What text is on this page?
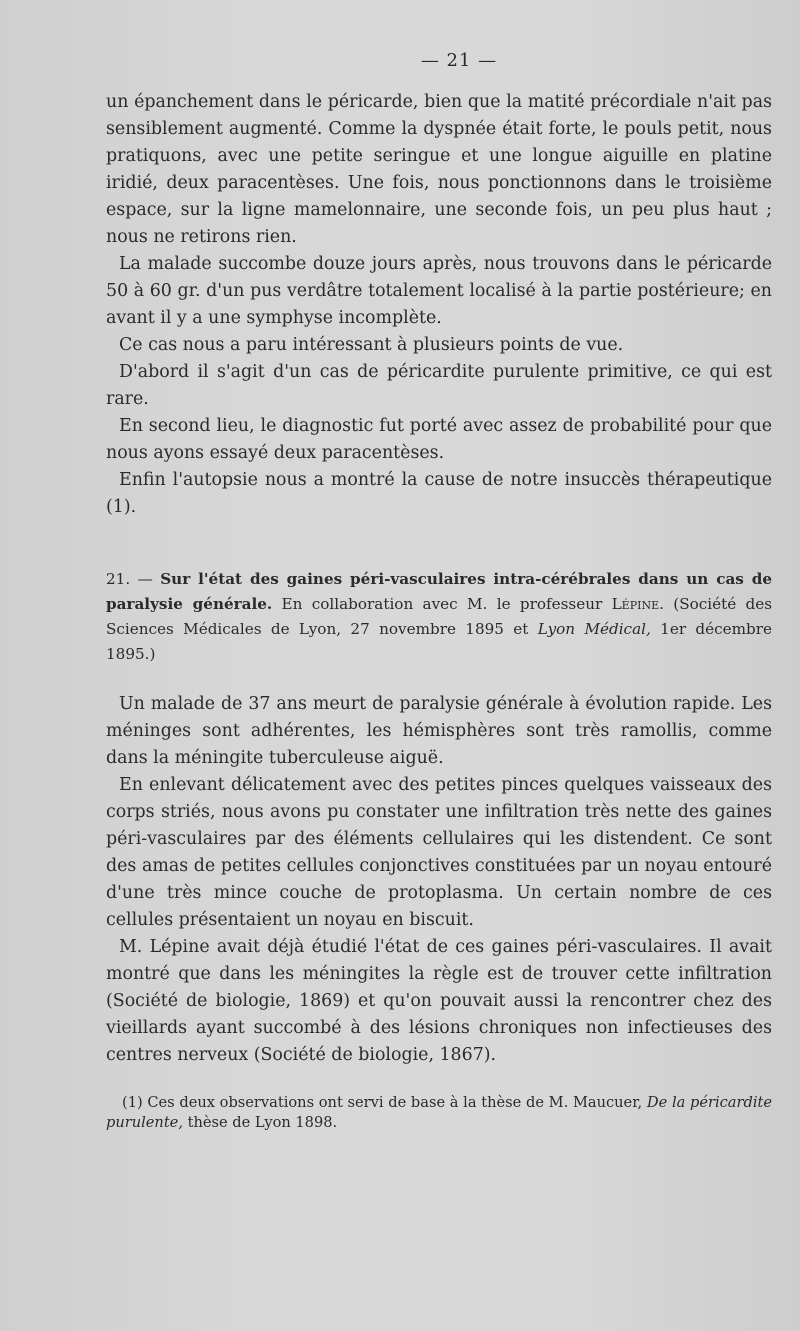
— 21 —

un épanchement dans le péricarde, bien que la matité précordiale n'ait pas sensiblement augmenté. Comme la dyspnée était forte, le pouls petit, nous pratiquons, avec une petite seringue et une longue aiguille en platine iridié, deux paracentèses. Une fois, nous ponctionnons dans le troisième espace, sur la ligne mamelonnaire, une seconde fois, un peu plus haut ; nous ne retirons rien.

La malade succombe douze jours après, nous trouvons dans le péricarde 50 à 60 gr. d'un pus verdâtre totalement localisé à la partie postérieure; en avant il y a une symphyse incomplète.

Ce cas nous a paru intéressant à plusieurs points de vue.

D'abord il s'agit d'un cas de péricardite purulente primitive, ce qui est rare.

En second lieu, le diagnostic fut porté avec assez de probabilité pour que nous ayons essayé deux paracentèses.

Enfin l'autopsie nous a montré la cause de notre insuccès thérapeutique (1).

21. — Sur l'état des gaines péri-vasculaires intra-cérébrales dans un cas de paralysie générale. En collaboration avec M. le professeur Lépine. (Société des Sciences Médicales de Lyon, 27 novembre 1895 et Lyon Médical, 1er décembre 1895.)

Un malade de 37 ans meurt de paralysie générale à évolution rapide. Les méninges sont adhérentes, les hémisphères sont très ramollis, comme dans la méningite tuberculeuse aiguë.

En enlevant délicatement avec des petites pinces quelques vaisseaux des corps striés, nous avons pu constater une infiltration très nette des gaines péri-vasculaires par des éléments cellulaires qui les distendent. Ce sont des amas de petites cellules conjonctives constituées par un noyau entouré d'une très mince couche de protoplasma. Un certain nombre de ces cellules présentaient un noyau en biscuit.

M. Lépine avait déjà étudié l'état de ces gaines péri-vasculaires. Il avait montré que dans les méningites la règle est de trouver cette infiltration (Société de biologie, 1869) et qu'on pouvait aussi la rencontrer chez des vieillards ayant succombé à des lésions chroniques non infectieuses des centres nerveux (Société de biologie, 1867).

(1) Ces deux observations ont servi de base à la thèse de M. Maucuer, De la péricardite purulente, thèse de Lyon 1898.
